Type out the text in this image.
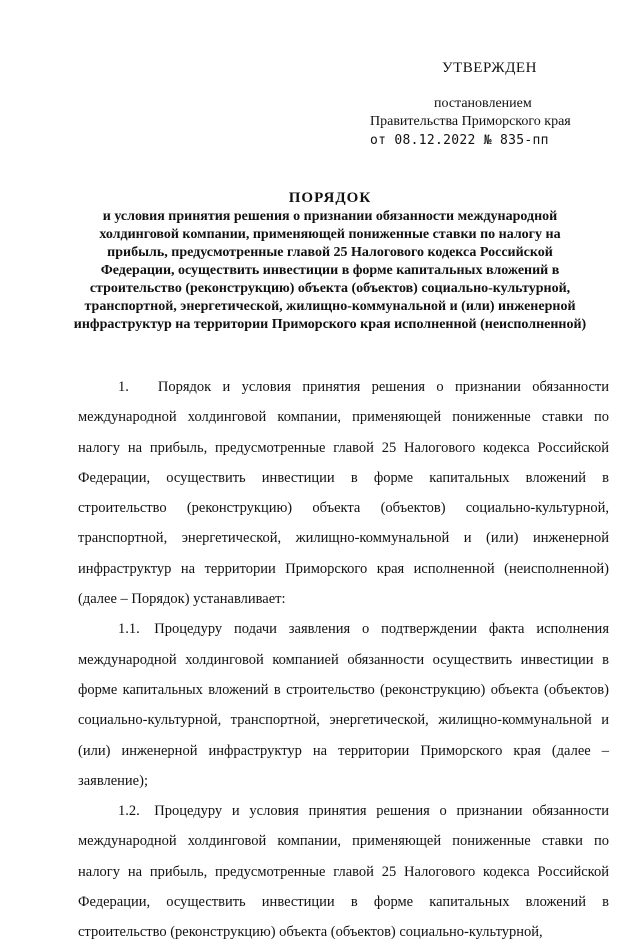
УТВЕРЖДЕН
постановлением
Правительства Приморского края
от 08.12.2022 № 835-пп
ПОРЯДОК
и условия принятия решения о признании обязанности международной холдинговой компании, применяющей пониженные ставки по налогу на прибыль, предусмотренные главой 25 Налогового кодекса Российской Федерации, осуществить инвестиции в форме капитальных вложений в строительство (реконструкцию) объекта (объектов) социально-культурной, транспортной, энергетической, жилищно-коммунальной и (или) инженерной инфраструктур на территории Приморского края исполненной (неисполненной)

1.  Порядок и условия принятия решения о признании обязанности международной холдинговой компании, применяющей пониженные ставки по налогу на прибыль, предусмотренные главой 25 Налогового кодекса Российской Федерации, осуществить инвестиции в форме капитальных вложений в строительство (реконструкцию) объекта (объектов) социально-культурной, транспортной, энергетической, жилищно-коммунальной и (или) инженерной инфраструктур на территории Приморского края исполненной (неисполненной) (далее – Порядок) устанавливает:

1.1. Процедуру подачи заявления о подтверждении факта исполнения международной холдинговой компанией обязанности осуществить инвестиции в форме капитальных вложений в строительство (реконструкцию) объекта (объектов) социально-культурной, транспортной, энергетической, жилищно-коммунальной и (или) инженерной инфраструктур на территории Приморского края (далее – заявление);

1.2. Процедуру и условия принятия решения о признании обязанности международной холдинговой компании, применяющей пониженные ставки по налогу на прибыль, предусмотренные главой 25 Налогового кодекса Российской Федерации, осуществить инвестиции в форме капитальных вложений в строительство (реконструкцию) объекта (объектов) социально-культурной,
